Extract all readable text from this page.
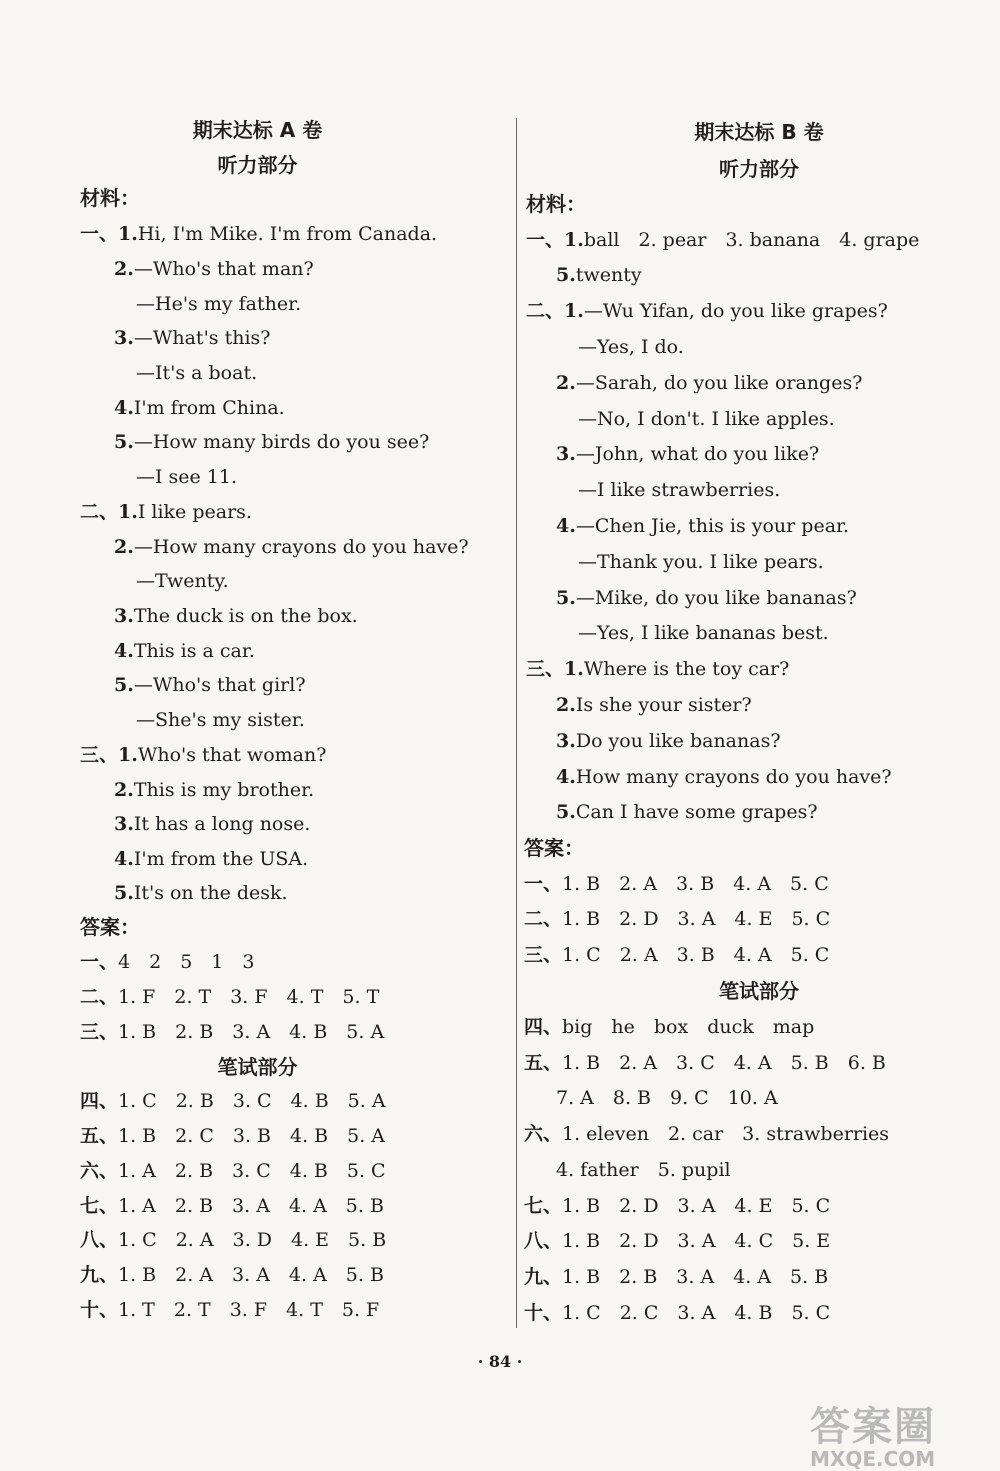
期末达标 A 卷
听力部分
材料：
一、1.Hi, I'm Mike. I'm from Canada.
2.—Who's that man?
—He's my father.
3.—What's this?
—It's a boat.
4.I'm from China.
5.—How many birds do you see?
—I see 11.
二、1.I like pears.
2.—How many crayons do you have?
—Twenty.
3.The duck is on the box.
4.This is a car.
5.—Who's that girl?
—She's my sister.
三、1.Who's that woman?
2.This is my brother.
3.It has a long nose.
4.I'm from the USA.
5.It's on the desk.
答案：
一、4　2　5　1　3
二、1. F　2. T　3. F　4. T　5. T
三、1. B　2. B　3. A　4. B　5. A
笔试部分
四、1. C　2. B　3. C　4. B　5. A
五、1. B　2. C　3. B　4. B　5. A
六、1. A　2. B　3. C　4. B　5. C
七、1. A　2. B　3. A　4. A　5. B
八、1. C　2. A　3. D　4. E　5. B
九、1. B　2. A　3. A　4. A　5. B
十、1. T　2. T　3. F　4. T　5. F
期末达标 B 卷
听力部分
材料：
一、1.ball　2. pear　3. banana　4. grape
5.twenty
二、1.—Wu Yifan, do you like grapes?
—Yes, I do.
2.—Sarah, do you like oranges?
—No, I don't. I like apples.
3.—John, what do you like?
—I like strawberries.
4.—Chen Jie, this is your pear.
—Thank you. I like pears.
5.—Mike, do you like bananas?
—Yes, I like bananas best.
三、1.Where is the toy car?
2.Is she your sister?
3.Do you like bananas?
4.How many crayons do you have?
5.Can I have some grapes?
答案：
一、1. B　2. A　3. B　4. A　5. C
二、1. B　2. D　3. A　4. E　5. C
三、1. C　2. A　3. B　4. A　5. C
笔试部分
四、big　he　box　duck　map
五、1. B　2. A　3. C　4. A　5. B　6. B
7. A　8. B　9. C　10. A
六、1. eleven　2. car　3. strawberries
4. father　5. pupil
七、1. B　2. D　3. A　4. E　5. C
八、1. B　2. D　3. A　4. C　5. E
九、1. B　2. B　3. A　4. A　5. B
十、1. C　2. C　3. A　4. B　5. C
· 84 ·
答案圈
MXQE.COM
